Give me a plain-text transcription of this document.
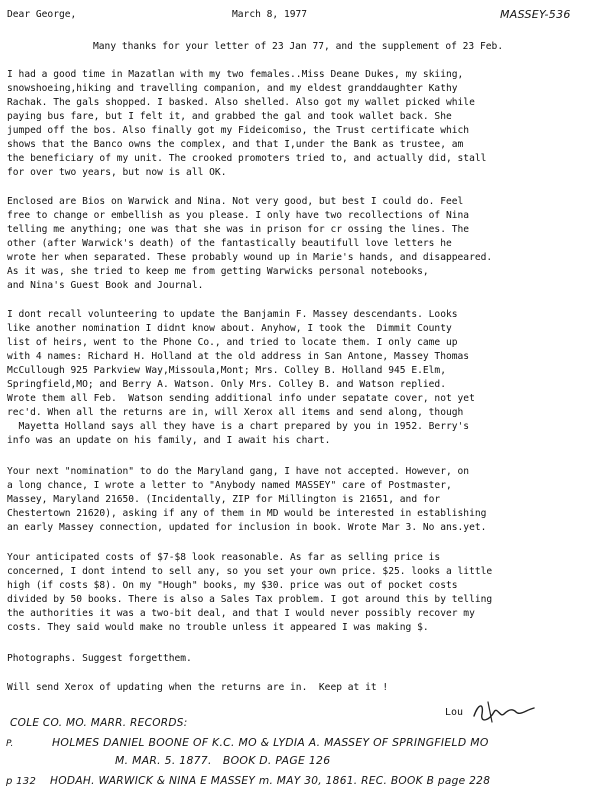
Dear George,	March 8, 1977	MASSEY-536
Many thanks for your letter of 23 Jan 77, and the supplement of 23 Feb.
I had a good time in Mazatlan with my two females..Miss Deane Dukes, my skiing,
snowshoeing,hiking and travelling companion, and my eldest granddaughter Kathy
Rachak. The gals shopped. I basked. Also shelled. Also got my wallet picked while
paying bus fare, but I felt it, and grabbed the gal and took wallet back. She
jumped off the bos. Also finally got my Fideicomiso, the Trust certificate which
shows that the Banco owns the complex, and that I,under the Bank as trustee, am
the beneficiary of my unit. The crooked promoters tried to, and actually did, stall
for over two years, but now is all OK.
Enclosed are Bios on Warwick and Nina. Not very good, but best I could do. Feel
free to change or embellish as you please. I only have two recollections of Nina
telling me anything; one was that she was in prison for cr ossing the lines. The
other (after Warwick's death) of the fantastically beautifull love letters he
wrote her when separated. These probably wound up in Marie's hands, and disappeared.
As it was, she tried to keep me from getting Warwicks personal notebooks,
and Nina's Guest Book and Journal.
I dont recall volunteering to update the Banjamin F. Massey descendants. Looks
like another nomination I didnt know about. Anyhow, I took the  Dimmit County
list of heirs, went to the Phone Co., and tried to locate them. I only came up
with 4 names: Richard H. Holland at the old address in San Antone, Massey Thomas
McCullough 925 Parkview Way,Missoula,Mont; Mrs. Colley B. Holland 945 E.Elm,
Springfield,MO; and Berry A. Watson. Only Mrs. Colley B. and Watson replied.
Wrote them all Feb.  Watson sending additional info under sepatate cover, not yet
rec'd. When all the returns are in, will Xerox all items and send along, though
Mayetta Holland says all they have is a chart prepared by you in 1952. Berry's
info was an update on his family, and I await his chart.
Your next "nomination" to do the Maryland gang, I have not accepted. However, on
a long chance, I wrote a letter to "Anybody named MASSEY" care of Postmaster,
Massey, Maryland 21650. (Incidentally, ZIP for Millington is 21651, and for
Chestertown 21620), asking if any of them in MD would be interested in establishing
an early Massey connection, updated for inclusion in book. Wrote Mar 3. No ans.yet.
Your anticipated costs of $7-$8 look reasonable. As far as selling price is
concerned, I dont intend to sell any, so you set your own price. $25. looks a little
high (if costs $8). On my "Hough" books, my $30. price was out of pocket costs
divided by 50 books. There is also a Sales Tax problem. I got around this by telling
the authorities it was a two-bit deal, and that I would never possibly recover my
costs. They said would make no trouble unless it appeared I was making $.
Photographs. Suggest forgetthem.
Will send Xerox of updating when the returns are in.  Keep at it !
COLE CO. MO. MARR. RECORDS:
Lou
P.	HOLMES DANIEL BOONE OF K.C. MO & LYDIA A. MASSEY OF SPRINGFIELD MO
M. MAR. 5. 1877.   BOOK D. PAGE 126
p 132 HODAH. WARWICK & NINA E MASSEY m. MAY 30, 1861. REC. BOOK B page 228
